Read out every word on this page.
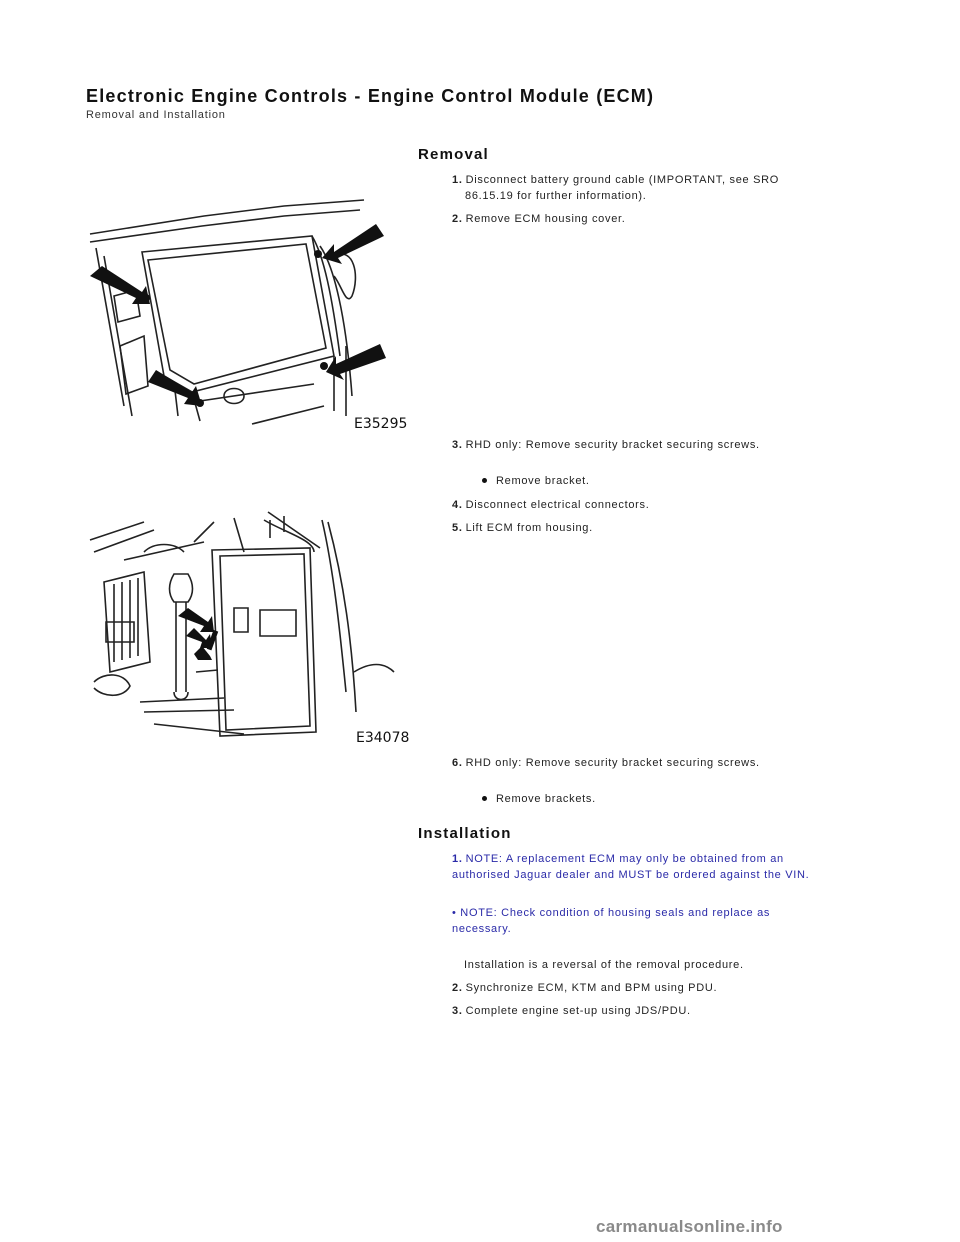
Electronic Engine Controls - Engine Control Module (ECM)
Removal and Installation
Removal
E35295
E34078
1. Disconnect battery ground cable (IMPORTANT, see SRO
86.15.19 for further information).
2. Remove ECM housing cover.
3. RHD only: Remove security bracket securing screws.
Remove bracket.
4. Disconnect electrical connectors.
5. Lift ECM from housing.
6. RHD only: Remove security bracket securing screws.
Remove brackets.
Installation
1. NOTE: A replacement ECM may only be obtained from an
authorised Jaguar dealer and MUST be ordered against the VIN.
• NOTE: Check condition of housing seals and replace as
necessary.
Installation is a reversal of the removal procedure.
2. Synchronize ECM, KTM and BPM using PDU.
3. Complete engine set-up using JDS/PDU.
carmanualsonline.info
